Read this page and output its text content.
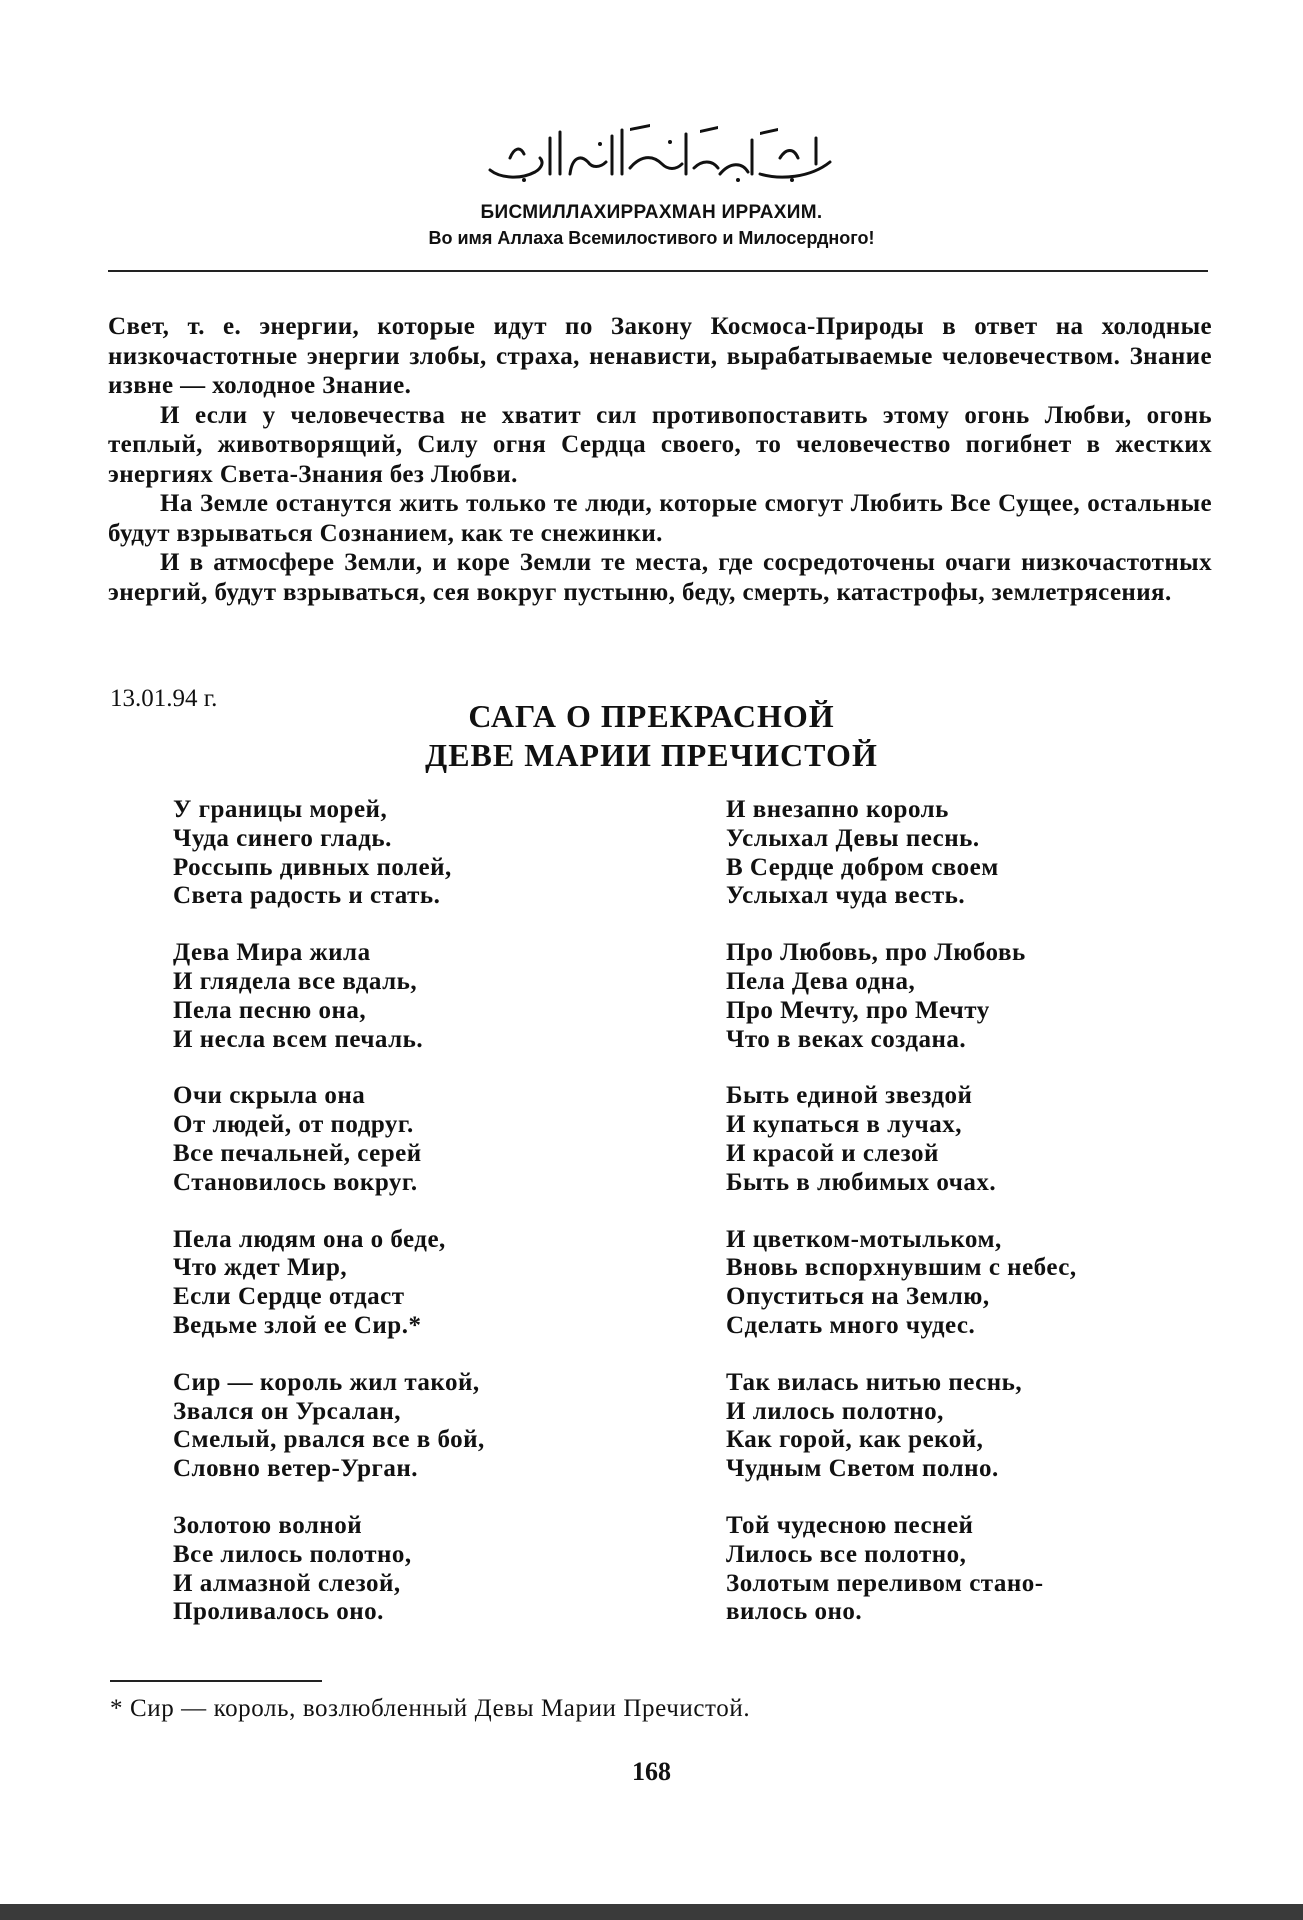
БИСМИЛЛАХИРРАХМАН ИРРАХИМ.
Во имя Аллаха Всемилостивого и Милосердного!

Свет, т. е. энергии, которые идут по Закону Космоса-Природы в ответ на холодные низкочастотные энергии злобы, страха, ненависти, вырабатываемые человечеством. Знание извне — холодное Знание.

И если у человечества не хватит сил противопоставить этому огонь Любви, огонь теплый, животворящий, Силу огня Сердца своего, то человечество погибнет в жестких энергиях Света-Знания без Любви.

На Земле останутся жить только те люди, которые смогут Любить Все Сущее, остальные будут взрываться Сознанием, как те снежинки.

И в атмосфере Земли, и коре Земли те места, где сосредоточены очаги низкочастотных энергий, будут взрываться, сея вокруг пустыню, беду, смерть, катастрофы, землетрясения.

13.01.94 г.	САГА О ПРЕКРАСНОЙ
ДЕВЕ МАРИИ ПРЕЧИСТОЙ
У границы морей,
Чуда синего гладь.
Россыпь дивных полей,
Света радость и стать.
Дева Мира жила
И глядела все вдаль,
Пела песню она,
И несла всем печаль.
Очи скрыла она
От людей, от подруг.
Все печальней, серей
Становилось вокруг.
Пела людям она о беде,
Что ждет Мир,
Если Сердце отдаст
Ведьме злой ее Сир.*
Сир — король жил такой,
Звался он Урсалан,
Смелый, рвался все в бой,
Словно ветер-Урган.
Золотою волной
Все лилось полотно,
И алмазной слезой,
Проливалось оно.
И внезапно король
Услыхал Девы песнь.
В Сердце добром своем
Услыхал чуда весть.
Про Любовь, про Любовь
Пела Дева одна,
Про Мечту, про Мечту
Что в веках создана.
Быть единой звездой
И купаться в лучах,
И красой и слезой
Быть в любимых очах.
И цветком-мотыльком,
Вновь вспорхнувшим с небес,
Опуститься на Землю,
Сделать много чудес.
Так вилась нитью песнь,
И лилось полотно,
Как горой, как рекой,
Чудным Светом полно.
Той чудесною песней
Лилось все полотно,
Золотым переливом стано-
вилось оно.
* Сир — король, возлюбленный Девы Марии Пречистой.
168
